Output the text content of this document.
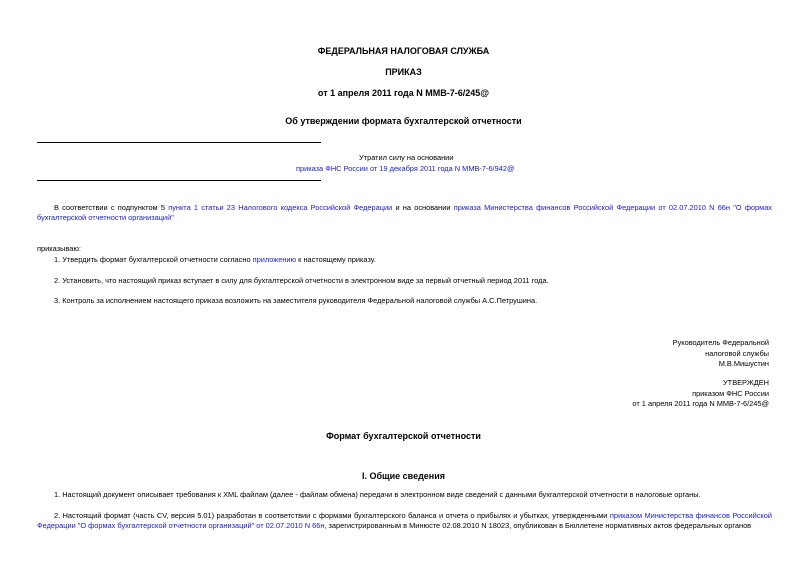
ФЕДЕРАЛЬНАЯ НАЛОГОВАЯ СЛУЖБА
ПРИКАЗ
от 1 апреля 2011 года N ММВ-7-6/245@
Об утверждении формата бухгалтерской отчетности
Утратил силу на основании
приказа ФНС России от 19 декабря 2011 года N ММВ-7-6/942@
В соответствии с подпунктом 5 пункта 1 статьи 23 Налогового кодекса Российской Федерации и на основании приказа Министерства финансов Российской Федерации от 02.07.2010 N 66н "О формах бухгалтерской отчетности организаций"
приказываю:
1. Утвердить формат бухгалтерской отчетности согласно приложению к настоящему приказу.
2. Установить, что настоящий приказ вступает в силу для бухгалтерской отчетности в электронном виде за первый отчетный период 2011 года.
3. Контроль за исполнением настоящего приказа возложить на заместителя руководителя Федеральной налоговой службы А.С.Петрушина.
Руководитель Федеральной
налоговой службы
М.В.Мишустин
УТВЕРЖДЕН
приказом ФНС России
от 1 апреля 2011 года N ММВ-7-6/245@
Формат бухгалтерской отчетности
I. Общие сведения
1. Настоящий документ описывает требования к XML файлам (далее - файлам обмена) передачи в электронном виде сведений с данными бухгалтерской отчетности в налоговые органы.
2. Настоящий формат (часть CV, версия 5.01) разработан в соответствии с формами бухгалтерского баланса и отчета о прибылях и убытках, утвержденными приказом Министерства финансов Российской Федерации "О формах бухгалтерской отчетности организаций" от 02.07.2010 N 66н, зарегистрированным в Минюсте 02.08.2010 N 18023, опубликован в Бюллетене нормативных актов федеральных органов
